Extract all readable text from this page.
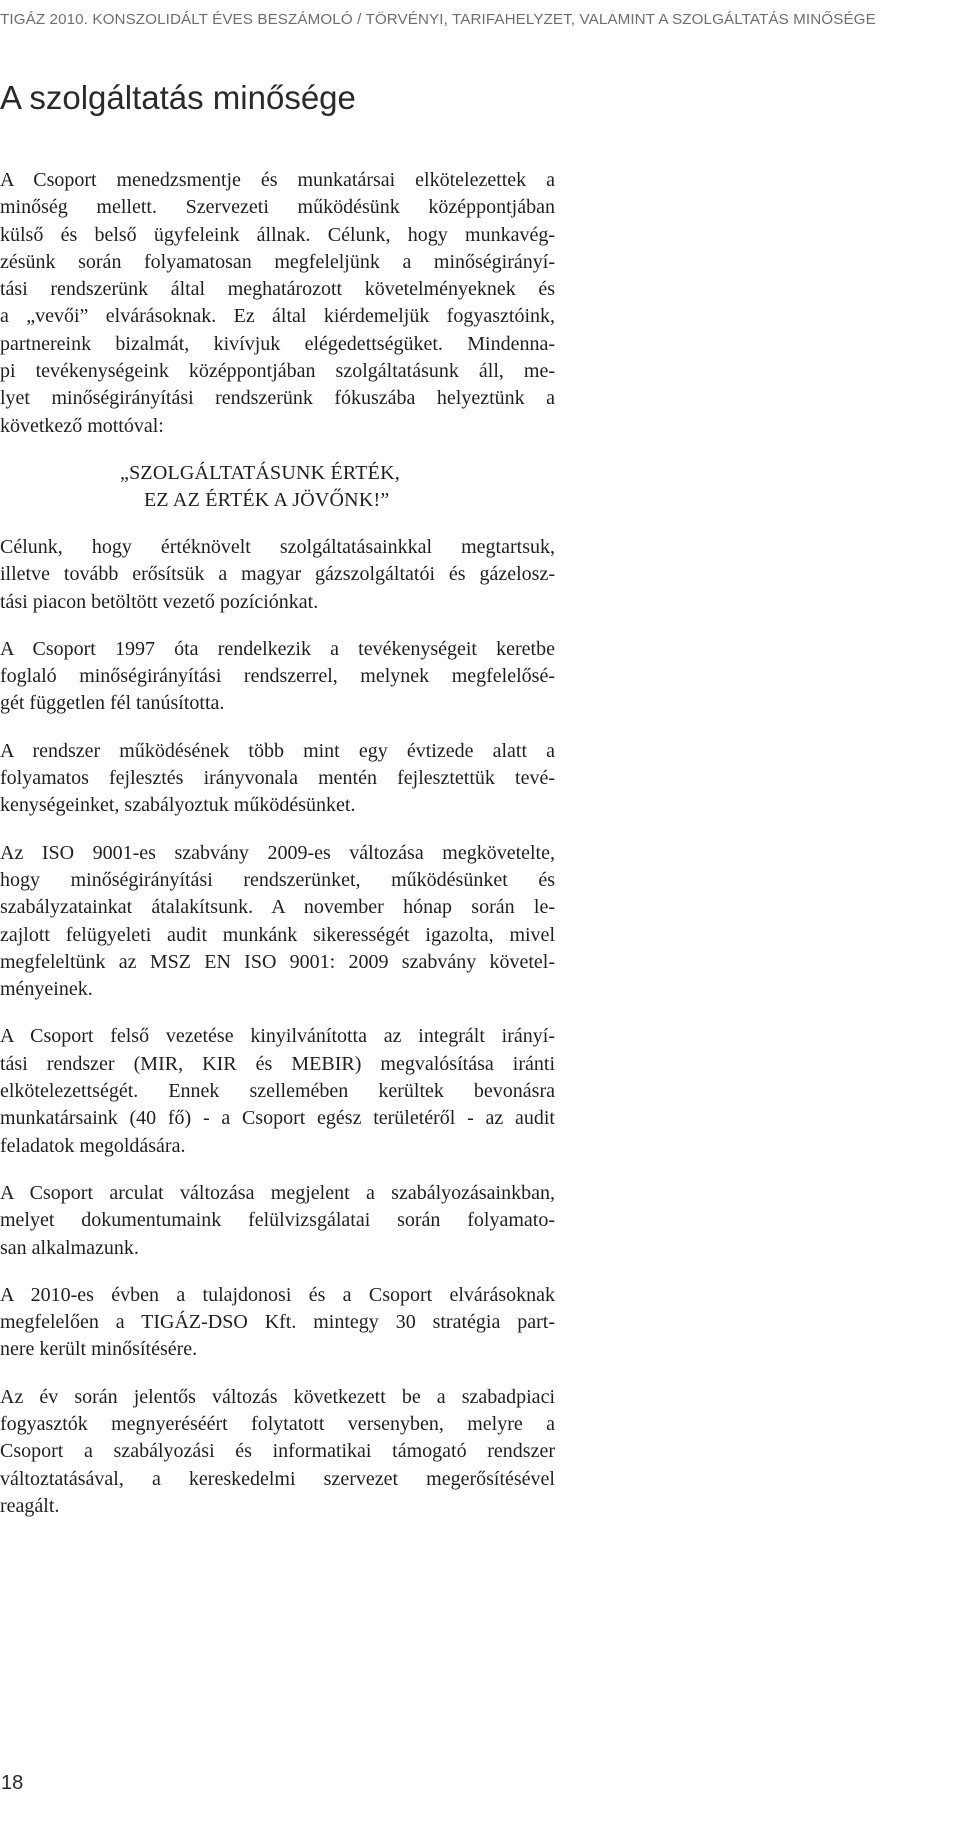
TIGÁZ 2010. KONSZOLIDÁLT ÉVES BESZÁMOLÓ / TÖRVÉNYI, TARIFAHELYZET, VALAMINT A SZOLGÁLTATÁS MINŐSÉGE
A szolgáltatás minősége

A Csoport menedzsmentje és munkatársai elkötelezettek a
minőség mellett. Szervezeti működésünk középpontjában
külső és belső ügyfeleink állnak. Célunk, hogy munkavég-
zésünk során folyamatosan megfeleljünk a minőségirányí-
tási rendszerünk által meghatározott követelményeknek és
a „vevői” elvárásoknak. Ez által kiérdemeljük fogyasztóink,
partnereink bizalmát, kivívjuk elégedettségüket. Mindenna-
pi tevékenységeink középpontjában szolgáltatásunk áll, me-
lyet minőségirányítási rendszerünk fókuszába helyeztünk a
következő mottóval:

„SZOLGÁLTATÁSUNK ÉRTÉK,
EZ AZ ÉRTÉK A JÖVŐNK!”

Célunk, hogy értéknövelt szolgáltatásainkkal megtartsuk,
illetve tovább erősítsük a magyar gázszolgáltatói és gázelosz-
tási piacon betöltött vezető pozíciónkat.

A Csoport 1997 óta rendelkezik a tevékenységeit keretbe
foglaló minőségirányítási rendszerrel, melynek megfelelősé-
gét független fél tanúsította.

A rendszer működésének több mint egy évtizede alatt a
folyamatos fejlesztés irányvonala mentén fejlesztettük tevé-
kenységeinket, szabályoztuk működésünket.

Az ISO 9001-es szabvány 2009-es változása megkövetelte,
hogy minőségirányítási rendszerünket, működésünket és
szabályzatainkat átalakítsunk. A november hónap során le-
zajlott felügyeleti audit munkánk sikerességét igazolta, mivel
megfeleltünk az MSZ EN ISO 9001: 2009 szabvány követel-
ményeinek.

A Csoport felső vezetése kinyilvánította az integrált irányí-
tási rendszer (MIR, KIR és MEBIR) megvalósítása iránti
elkötelezettségét. Ennek szellemében kerültek bevonásra
munkatársaink (40 fő) - a Csoport egész területéről - az audit
feladatok megoldására.

A Csoport arculat változása megjelent a szabályozásainkban,
melyet dokumentumaink felülvizsgálatai során folyamato-
san alkalmazunk.

A 2010-es évben a tulajdonosi és a Csoport elvárásoknak
megfelelően a TIGÁZ-DSO Kft. mintegy 30 stratégia part-
nere került minősítésére.

Az év során jelentős változás következett be a szabadpiaci
fogyasztók megnyeréséért folytatott versenyben, melyre a
Csoport a szabályozási és informatikai támogató rendszer
változtatásával, a kereskedelmi szervezet megerősítésével
reagált.

18
